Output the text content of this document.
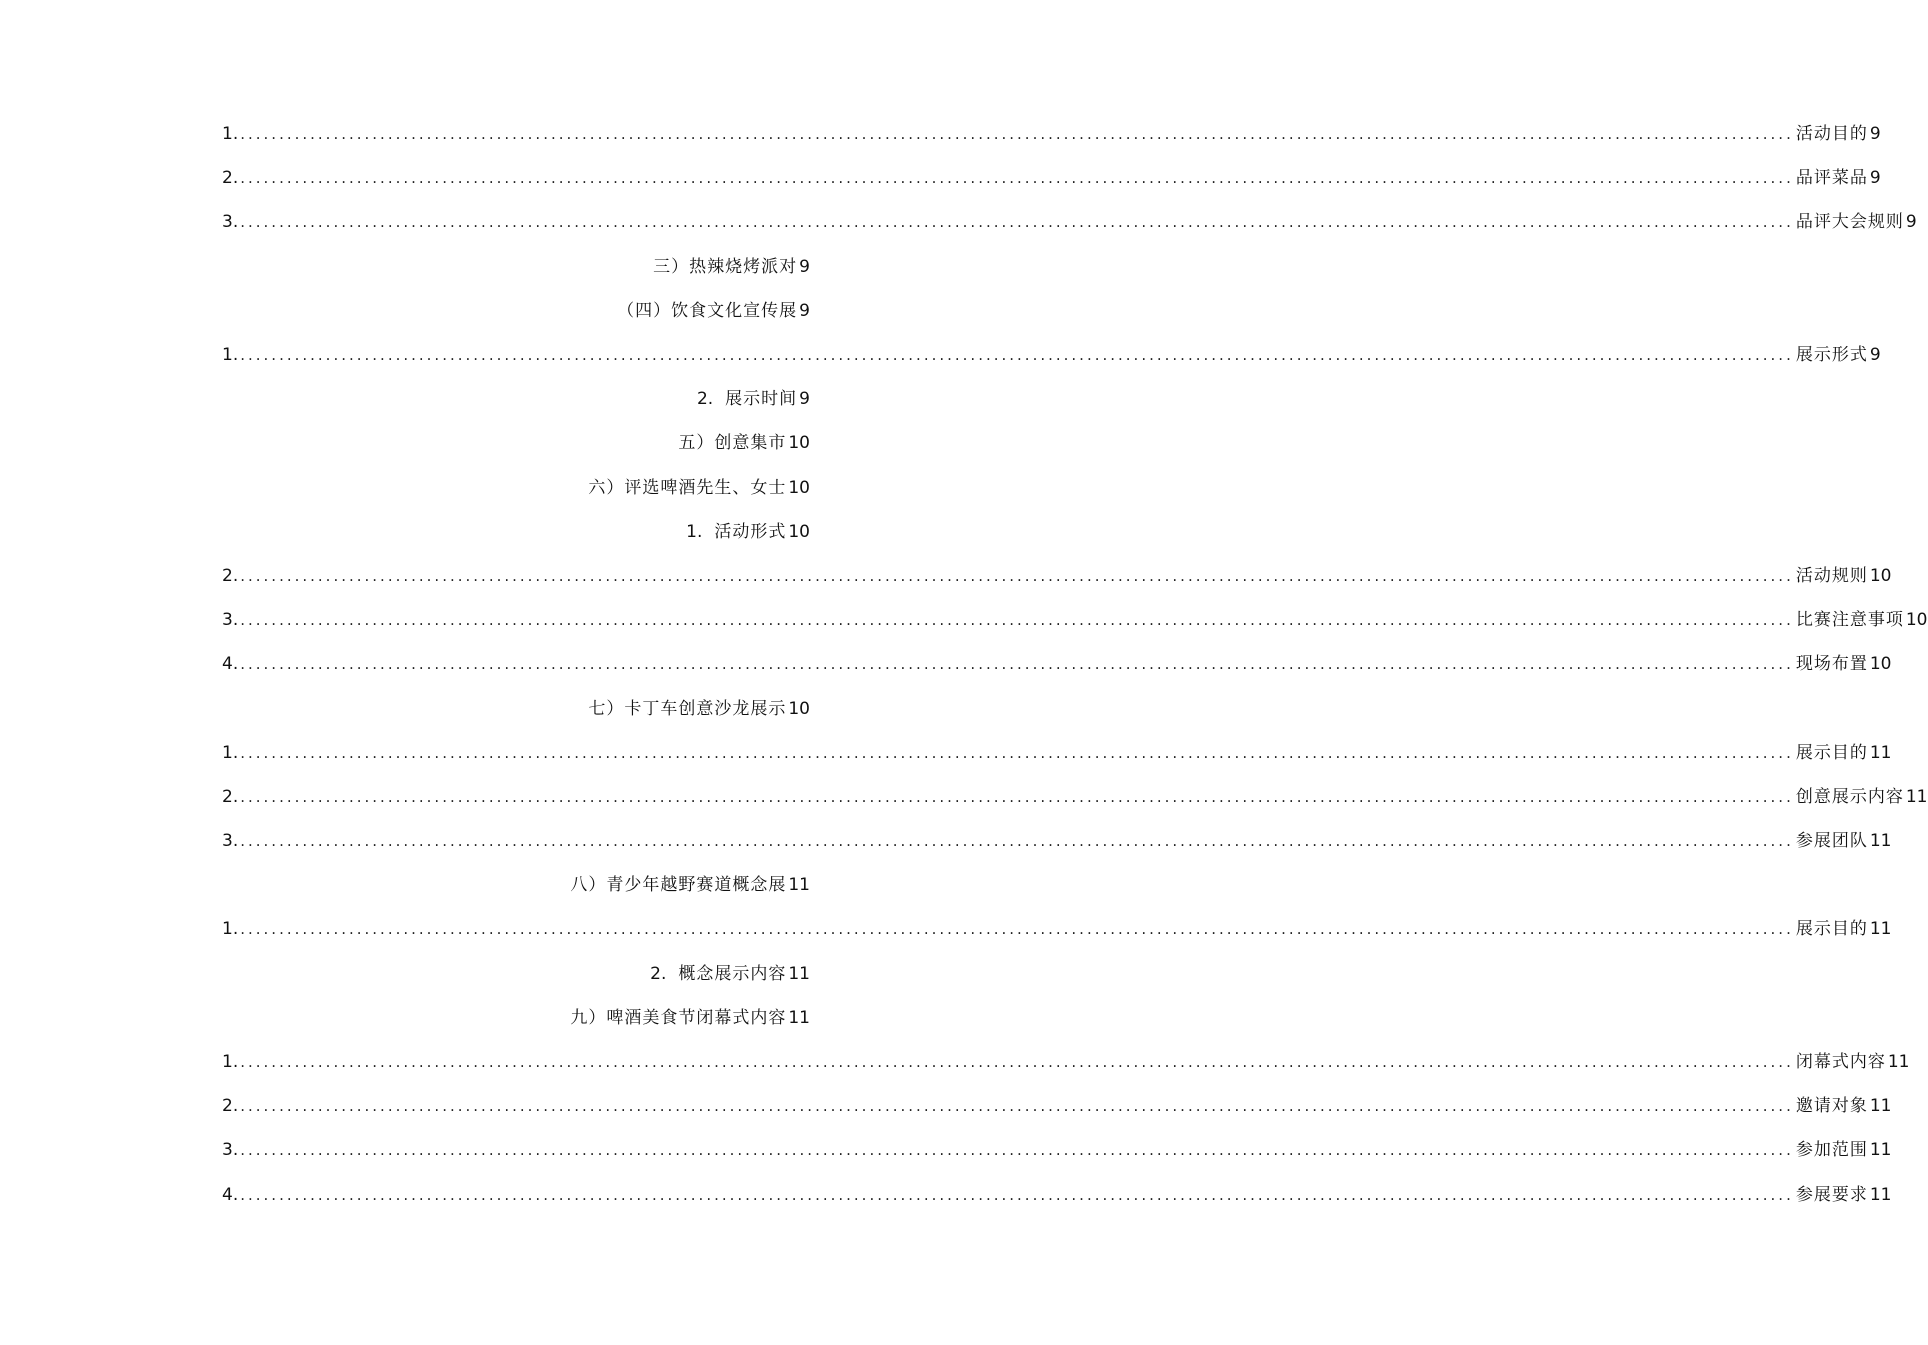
1. ........................................................................................................................................................................................................ 活动目的 9
2. ........................................................................................................................................................................................................ 品评菜品 9
3. ........................................................................................................................................................................................................ 品评大会规则 9
三）热辣烧烤派对 9
（四）饮食文化宣传展 9
1. ........................................................................................................................................................................................................ 展示形式 9
2. 展示时间 9
五）创意集市 10
六）评选啤酒先生、女士 10
1. 活动形式 10
2. ........................................................................................................................................................................................................ 活动规则 10
3. ........................................................................................................................................................................................................ 比赛注意事项 10
4. ........................................................................................................................................................................................................ 现场布置 10
七）卡丁车创意沙龙展示 10
1. ........................................................................................................................................................................................................ 展示目的 11
2. ........................................................................................................................................................................................................ 创意展示内容 11
3. ........................................................................................................................................................................................................ 参展团队 11
八）青少年越野赛道概念展 11
1. ........................................................................................................................................................................................................ 展示目的 11
2. 概念展示内容 11
九）啤酒美食节闭幕式内容 11
1. ........................................................................................................................................................................................................ 闭幕式内容 11
2. ........................................................................................................................................................................................................ 邀请对象 11
3. ........................................................................................................................................................................................................ 参加范围 11
4. ........................................................................................................................................................................................................ 参展要求 11
